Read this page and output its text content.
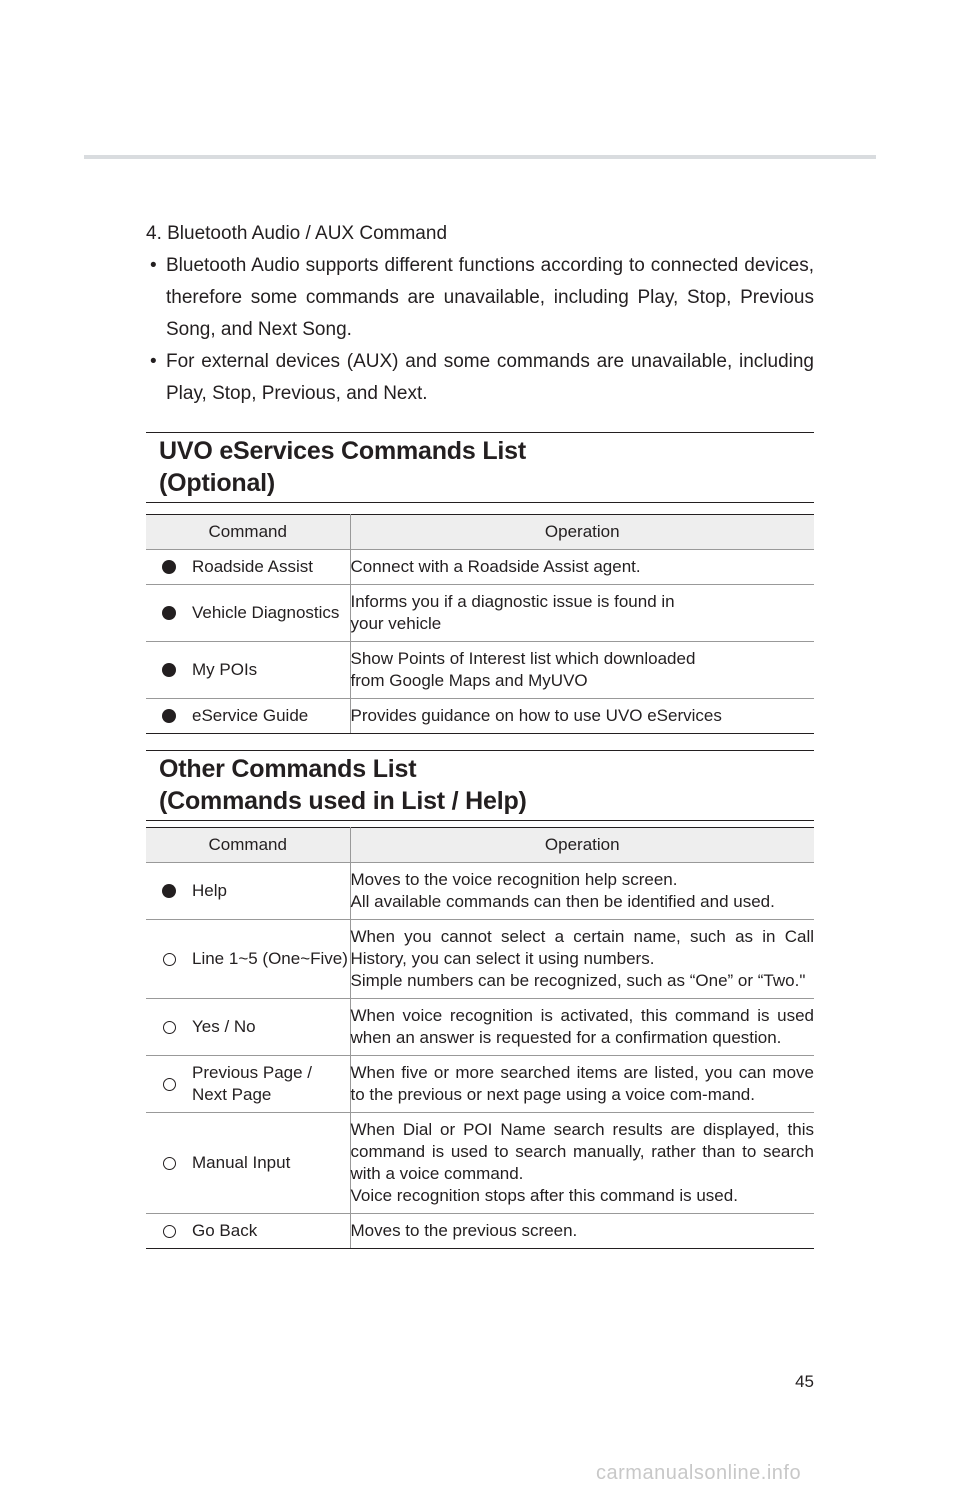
4. Bluetooth Audio / AUX Command
• Bluetooth Audio supports different functions according to connected devices, therefore some commands are unavailable, including Play, Stop, Previous Song, and Next Song.
• For external devices (AUX) and some commands are unavailable, including Play, Stop, Previous, and Next.
UVO eServices Commands List
(Optional)
Command		Operation
	Roadside Assist	Connect with a Roadside Assist agent.

	Vehicle Diagnostics	Informs you if a diagnostic issue is found in
your vehicle

	My POIs	Show Points of Interest list which downloaded
from Google Maps and MyUVO

	eService Guide	Provides guidance on how to use UVO eServices
Other Commands List
(Commands used in List / Help)
Command		Operation
	Help	Moves to the voice recognition help screen.
All available commands can then be identified and used.

	Line 1~5 (One~Five)	When you cannot select a certain name, such as in Call History, you can select it using numbers.
Simple numbers can be recognized, such as “One” or “Two."

	Yes / No	When voice recognition is activated, this command is used when an answer is requested for a confirmation question.

	Previous Page / Next Page	When five or more searched items are listed, you can move to the previous or next page using a voice com-mand.

	Manual Input	When Dial or POI Name search results are displayed, this command is used to search manually, rather than to search with a voice command.
Voice recognition stops after this command is used.

	Go Back	Moves to the previous screen.
45
carmanualsonline.info
